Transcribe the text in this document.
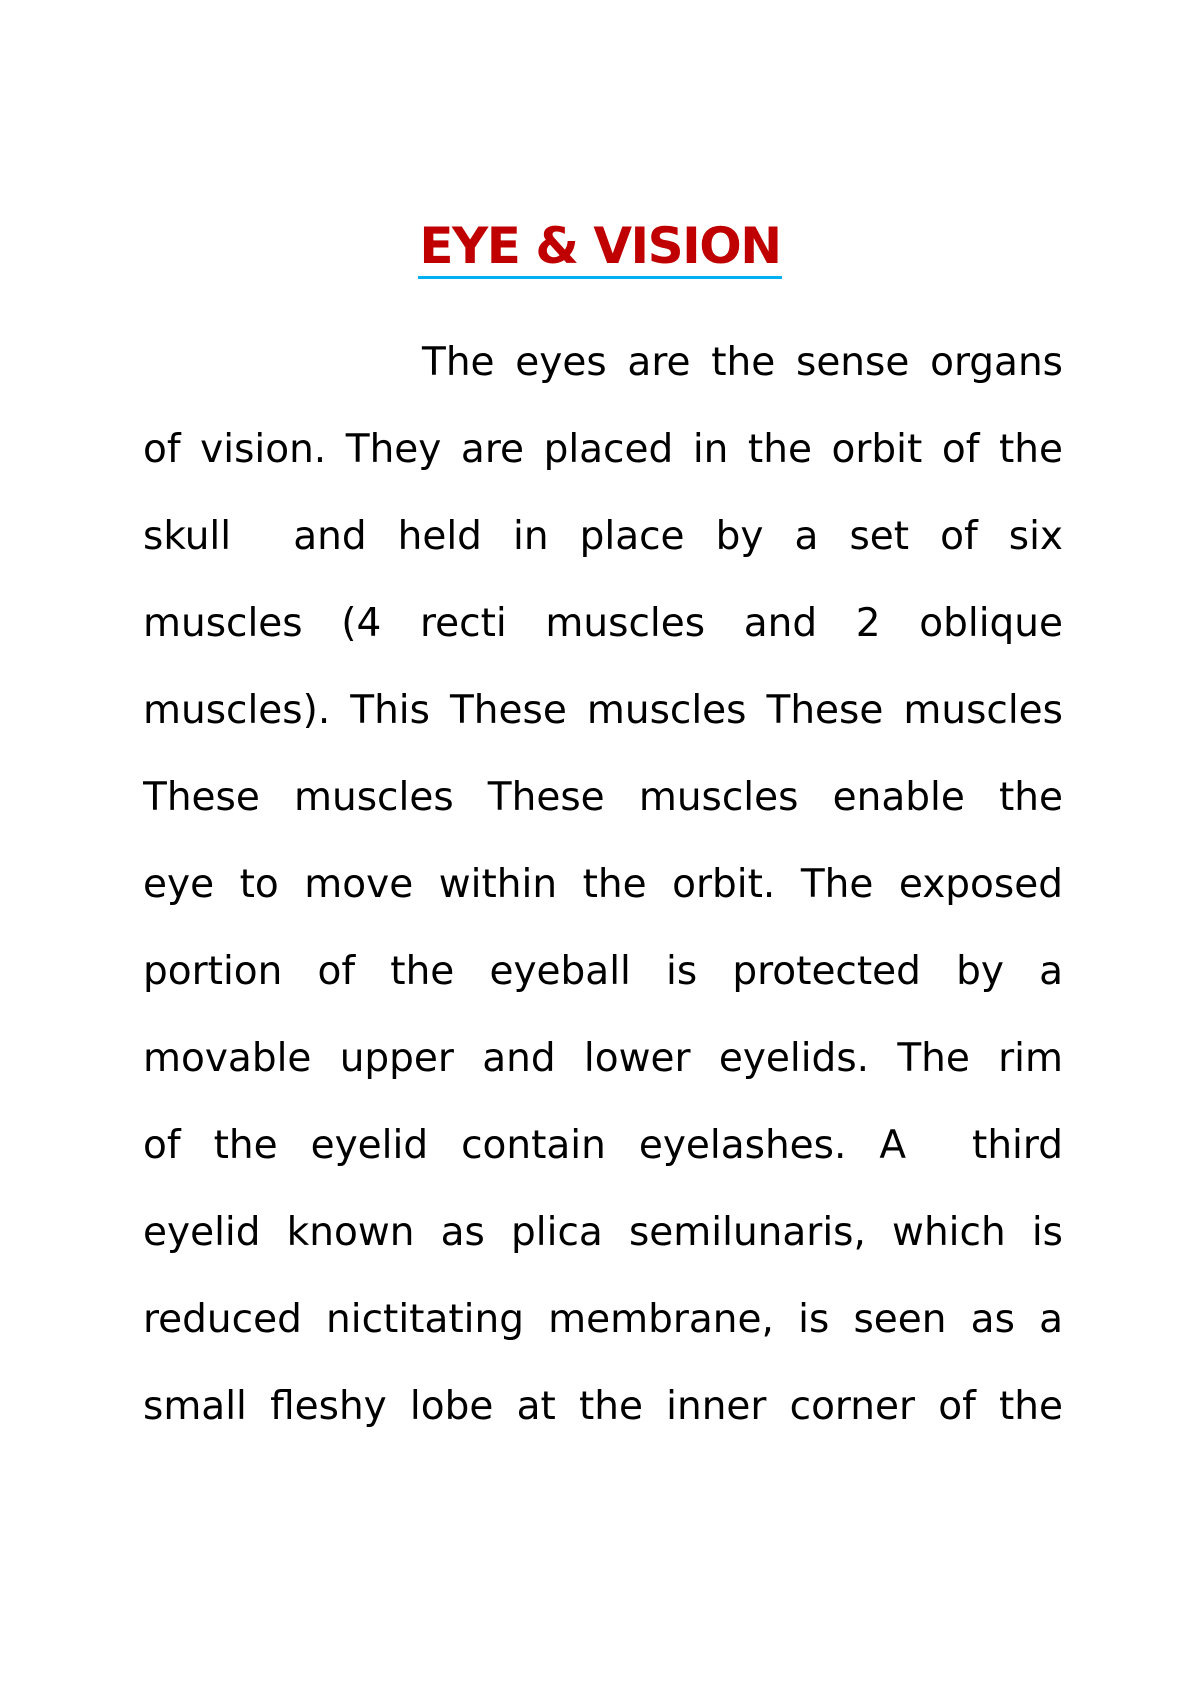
EYE & VISION
The eyes are the sense organs
of vision. They are placed in the orbit of the
skull  and held in place by a set of six
muscles (4 recti muscles and 2 oblique
muscles). This These muscles These muscles
These muscles These muscles enable the
eye to move within the orbit. The exposed
portion of the eyeball is protected by a
movable upper and lower eyelids. The rim
of the eyelid contain eyelashes. A  third
eyelid known as plica semilunaris, which is
reduced nictitating membrane, is seen as a
small fleshy lobe at the inner corner of the
